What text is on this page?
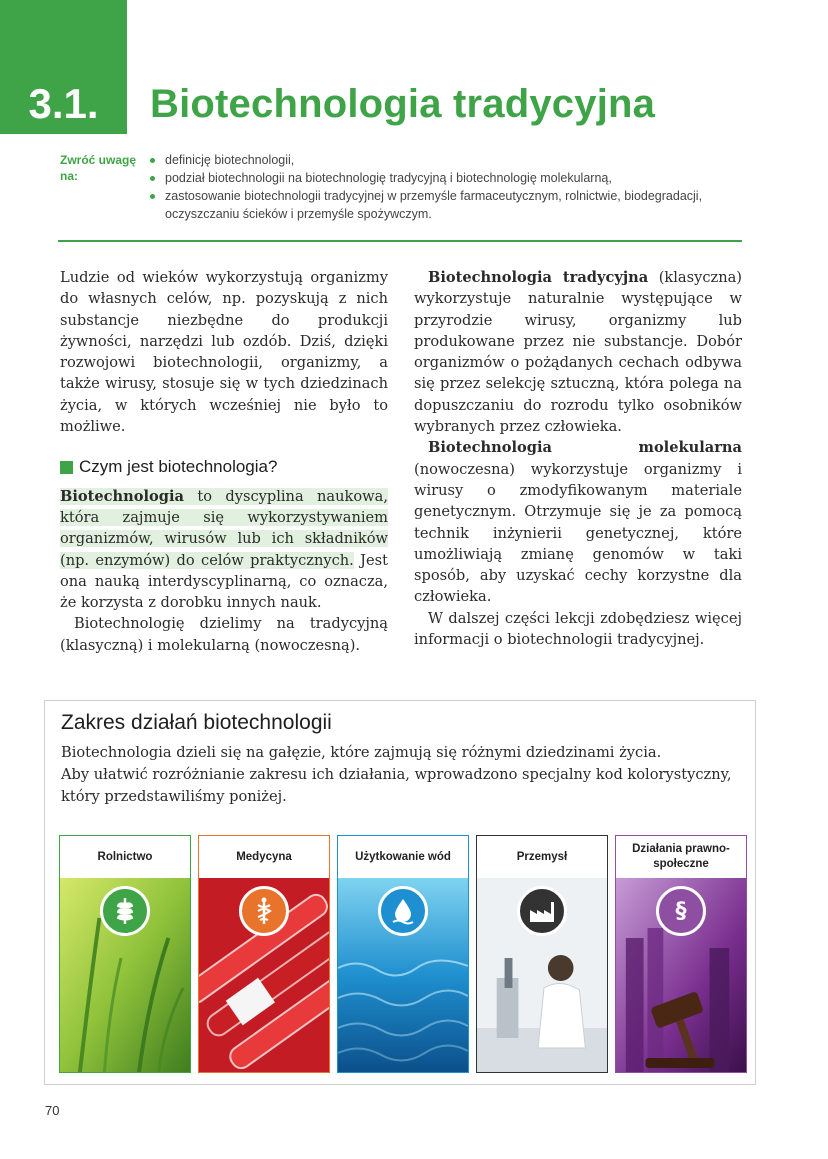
3.1.	Biotechnologia tradycyjna
Zwróć uwagę na:
definicję biotechnologii,
podział biotechnologii na biotechnologię tradycyjną i biotechnologię molekularną,
zastosowanie biotechnologii tradycyjnej w przemyśle farmaceutycznym, rolnictwie, biodegradacji, oczyszczaniu ścieków i przemyśle spożywczym.

Ludzie od wieków wykorzystują organizmy do własnych celów, np. pozyskują z nich substancje niezbędne do produkcji żywności, narzędzi lub ozdób. Dziś, dzięki rozwojowi biotechnologii, organizmy, a także wirusy, stosuje się w tych dziedzinach życia, w których wcześniej nie było to możliwe.

Czym jest biotechnologia?

Biotechnologia to dyscyplina naukowa, która zajmuje się wykorzystywaniem organizmów, wirusów lub ich składników (np. enzymów) do celów praktycznych. Jest ona nauką interdyscyplinarną, co oznacza, że korzysta z dorobku innych nauk.

Biotechnologię dzielimy na tradycyjną (klasyczną) i molekularną (nowoczesną).

Biotechnologia tradycyjna (klasyczna) wykorzystuje naturalnie występujące w przyrodzie wirusy, organizmy lub produkowane przez nie substancje. Dobór organizmów o pożądanych cechach odbywa się przez selekcję sztuczną, która polega na dopuszczaniu do rozrodu tylko osobników wybranych przez człowieka.

Biotechnologia molekularna (nowoczesna) wykorzystuje organizmy i wirusy o zmodyfikowanym materiale genetycznym. Otrzymuje się je za pomocą technik inżynierii genetycznej, które umożliwiają zmianę genomów w taki sposób, aby uzyskać cechy korzystne dla człowieka.

W dalszej części lekcji zdobędziesz więcej informacji o biotechnologii tradycyjnej.

Zakres działań biotechnologii

Biotechnologia dzieli się na gałęzie, które zajmują się różnymi dziedzinami życia.
Aby ułatwić rozróżnianie zakresu ich działania, wprowadzono specjalny kod kolorystyczny, który przedstawiliśmy poniżej.

Rolnictwo	Medycyna	Użytkowanie wód	Przemysł
Działania prawno-społeczne
§
70
